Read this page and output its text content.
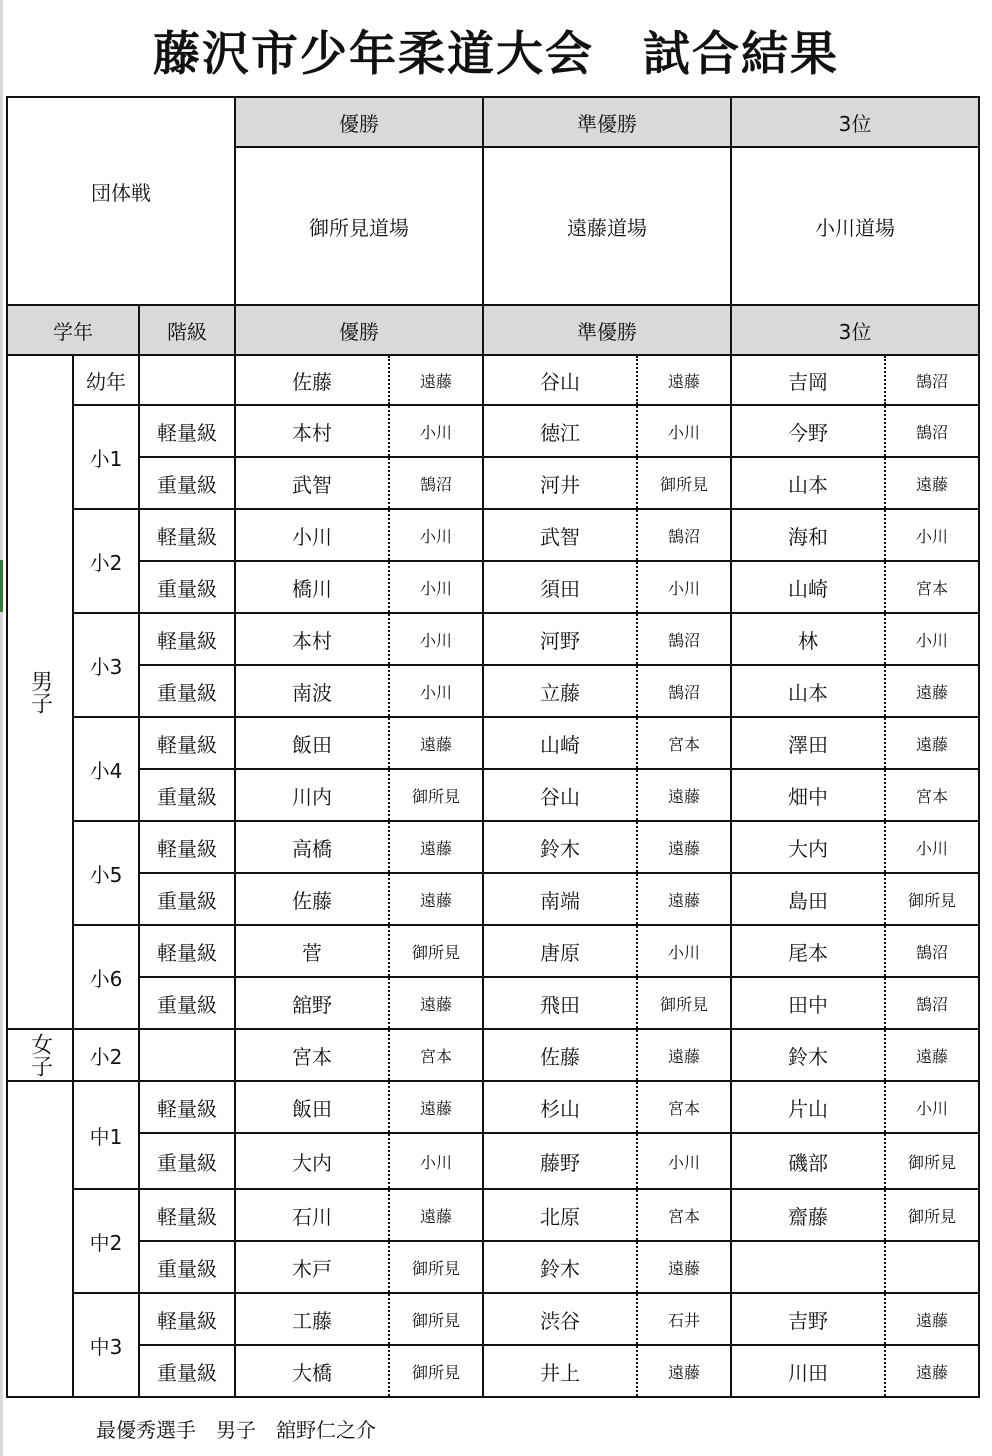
藤沢市少年柔道大会　試合結果
団体戦			優勝		準優勝		3位	
			御所見道場		遠藤道場		小川道場	
学年		階級	優勝		準優勝		3位	
男子	幼年		佐藤	遠藤	谷山	遠藤	吉岡	鵠沼
	小1	軽量級	本村	小川	徳江	小川	今野	鵠沼
		重量級	武智	鵠沼	河井	御所見	山本	遠藤
	小2	軽量級	小川	小川	武智	鵠沼	海和	小川
		重量級	橋川	小川	須田	小川	山崎	宮本
	小3	軽量級	本村	小川	河野	鵠沼	林	小川
		重量級	南波	小川	立藤	鵠沼	山本	遠藤
	小4	軽量級	飯田	遠藤	山崎	宮本	澤田	遠藤
		重量級	川内	御所見	谷山	遠藤	畑中	宮本
	小5	軽量級	高橋	遠藤	鈴木	遠藤	大内	小川
		重量級	佐藤	遠藤	南端	遠藤	島田	御所見
	小6	軽量級	菅	御所見	唐原	小川	尾本	鵠沼
		重量級	舘野	遠藤	飛田	御所見	田中	鵠沼
女子	小2		宮本	宮本	佐藤	遠藤	鈴木	遠藤
	中1	軽量級	飯田	遠藤	杉山	宮本	片山	小川
		重量級	大内	小川	藤野	小川	磯部	御所見
	中2	軽量級	石川	遠藤	北原	宮本	齋藤	御所見
		重量級	木戸	御所見	鈴木	遠藤		
	中3	軽量級	工藤	御所見	渋谷	石井	吉野	遠藤
		重量級	大橋	御所見	井上	遠藤	川田	遠藤
最優秀選手　男子　舘野仁之介
